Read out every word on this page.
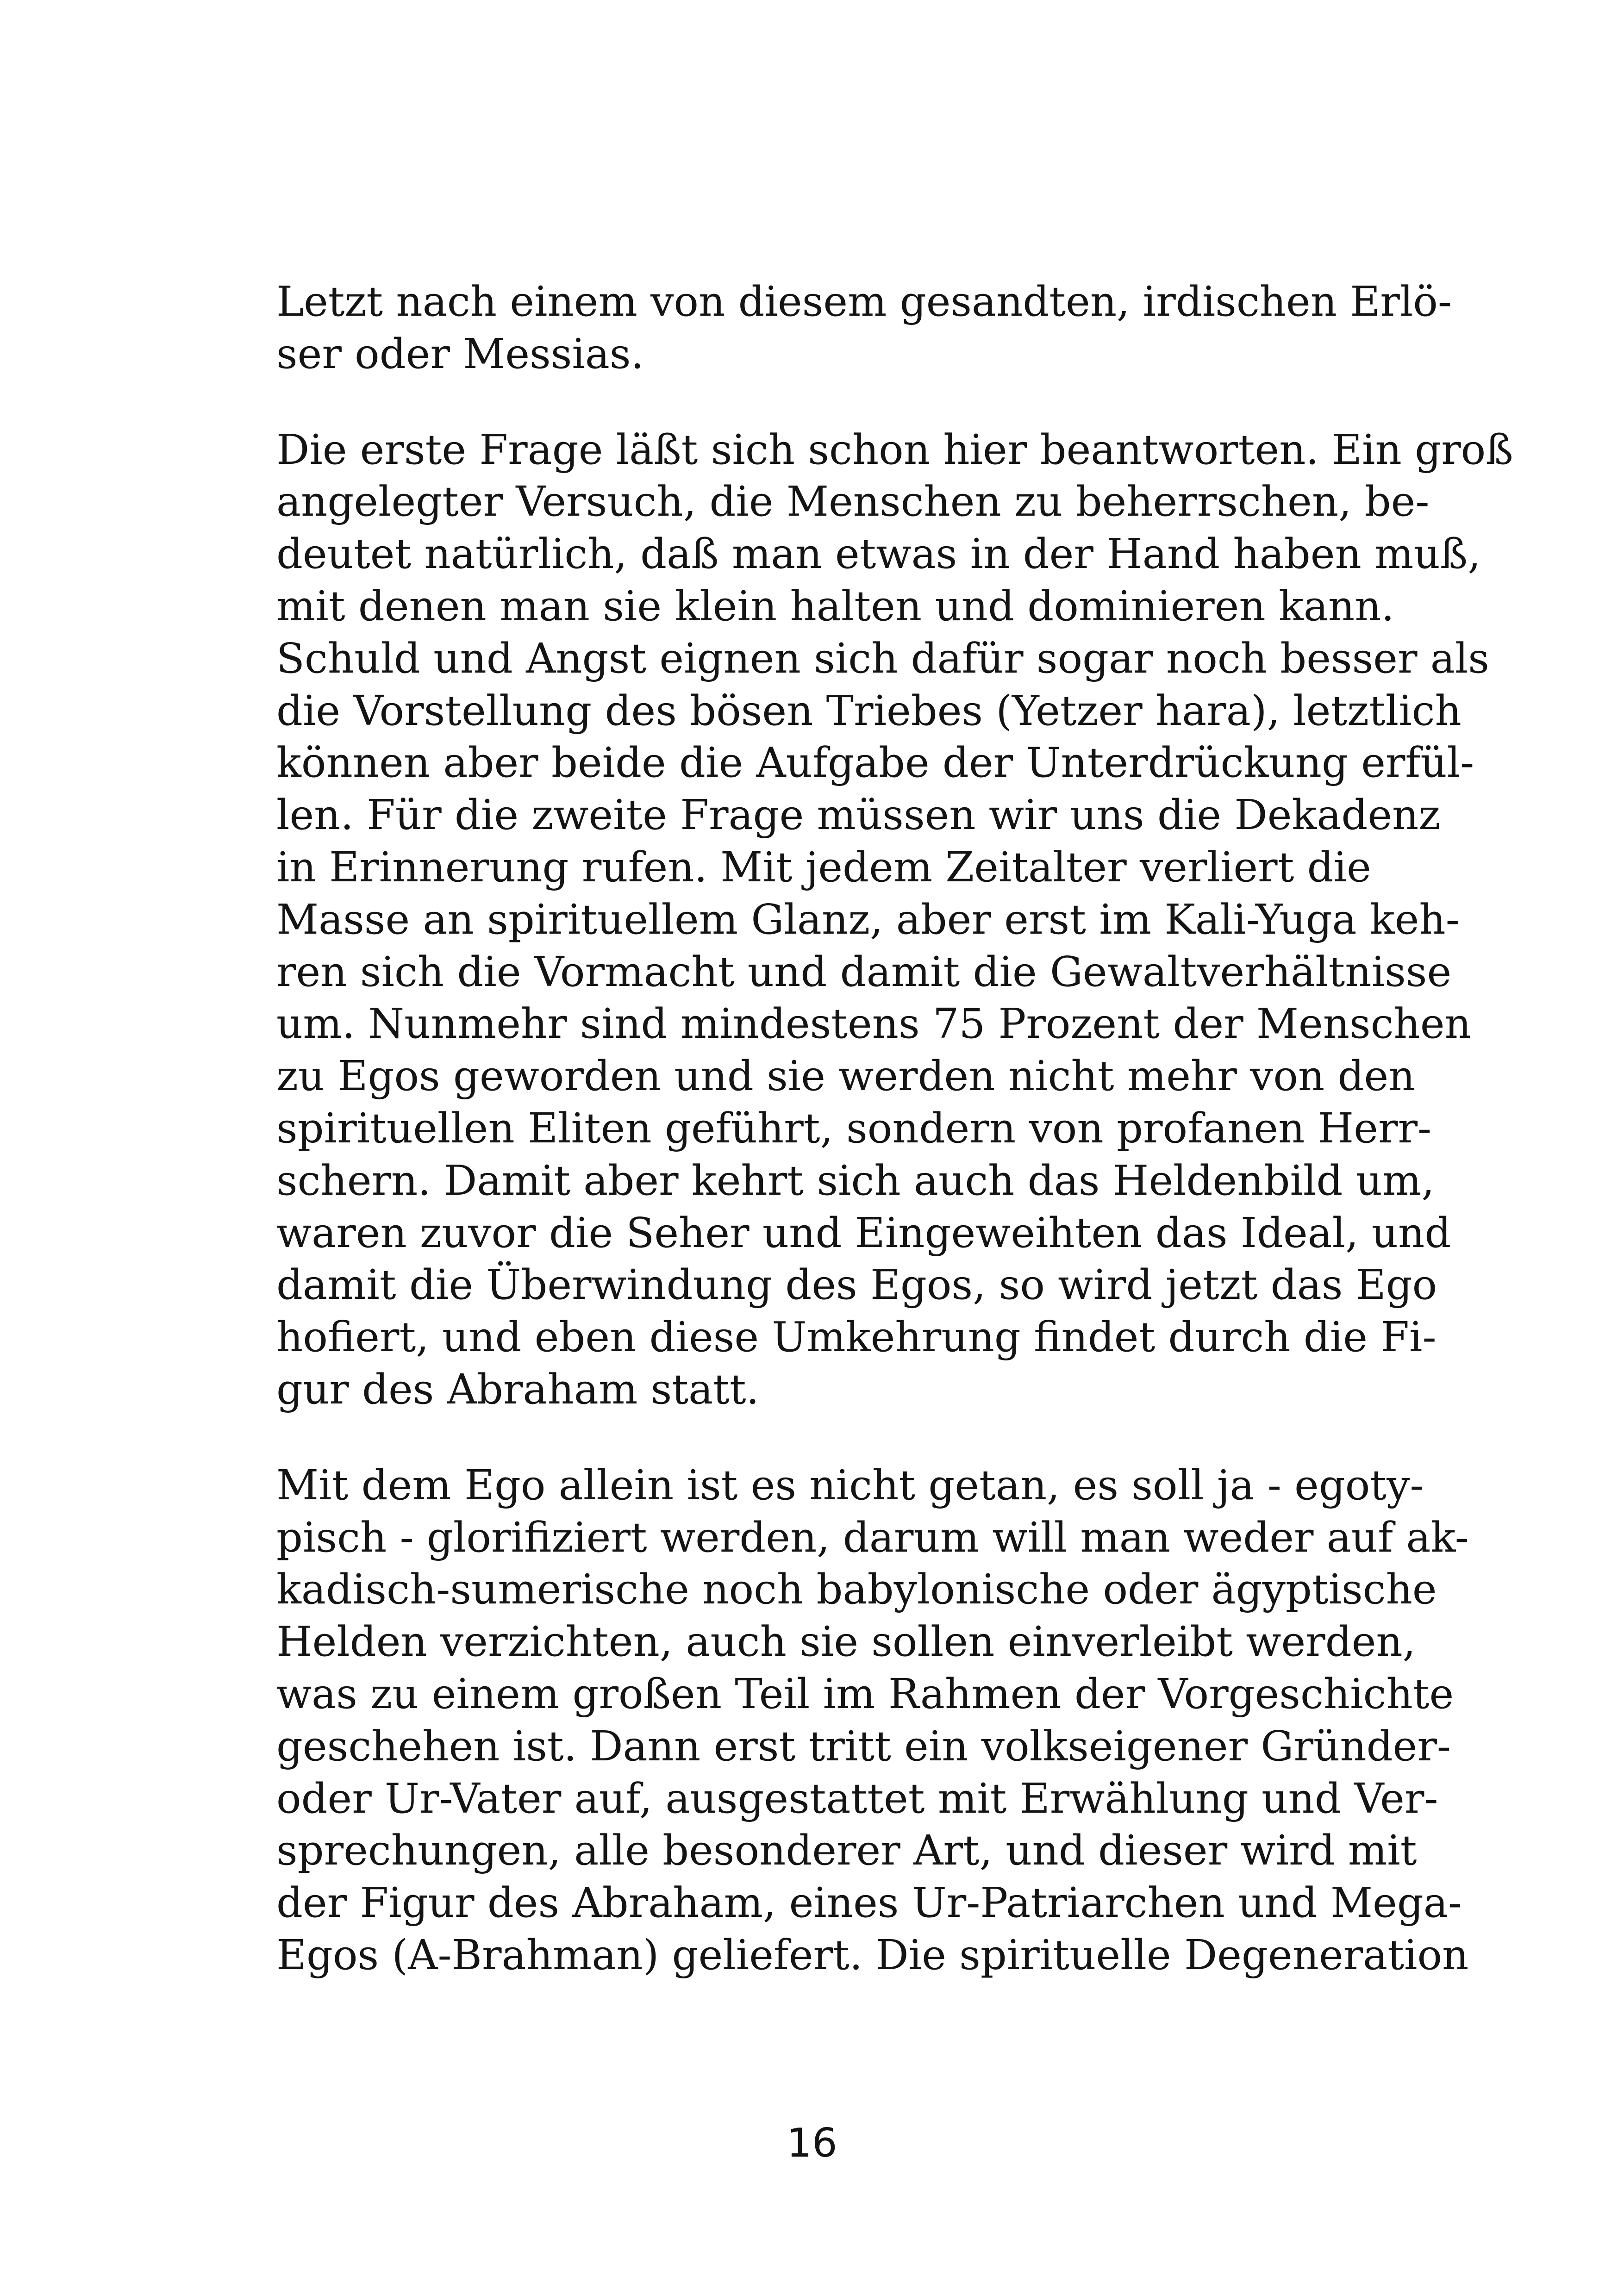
Letzt nach einem von diesem gesandten, irdischen Erlö-
ser oder Messias.
Die erste Frage läßt sich schon hier beantworten. Ein groß
angelegter Versuch, die Menschen zu beherrschen, be-
deutet natürlich, daß man etwas in der Hand haben muß,
mit denen man sie klein halten und dominieren kann.
Schuld und Angst eignen sich dafür sogar noch besser als
die Vorstellung des bösen Triebes (Yetzer hara), letztlich
können aber beide die Aufgabe der Unterdrückung erfül-
len. Für die zweite Frage müssen wir uns die Dekadenz
in Erinnerung rufen. Mit jedem Zeitalter verliert die
Masse an spirituellem Glanz, aber erst im Kali-Yuga keh-
ren sich die Vormacht und damit die Gewaltverhältnisse
um. Nunmehr sind mindestens 75 Prozent der Menschen
zu Egos geworden und sie werden nicht mehr von den
spirituellen Eliten geführt, sondern von profanen Herr-
schern. Damit aber kehrt sich auch das Heldenbild um,
waren zuvor die Seher und Eingeweihten das Ideal, und
damit die Überwindung des Egos, so wird jetzt das Ego
hofiert, und eben diese Umkehrung findet durch die Fi-
gur des Abraham statt.
Mit dem Ego allein ist es nicht getan, es soll ja - egoty-
pisch - glorifiziert werden, darum will man weder auf ak-
kadisch-sumerische noch babylonische oder ägyptische
Helden verzichten, auch sie sollen einverleibt werden,
was zu einem großen Teil im Rahmen der Vorgeschichte
geschehen ist. Dann erst tritt ein volkseigener Gründer-
oder Ur-Vater auf, ausgestattet mit Erwählung und Ver-
sprechungen, alle besonderer Art, und dieser wird mit
der Figur des Abraham, eines Ur-Patriarchen und Mega-
Egos (A-Brahman) geliefert. Die spirituelle Degeneration
16
